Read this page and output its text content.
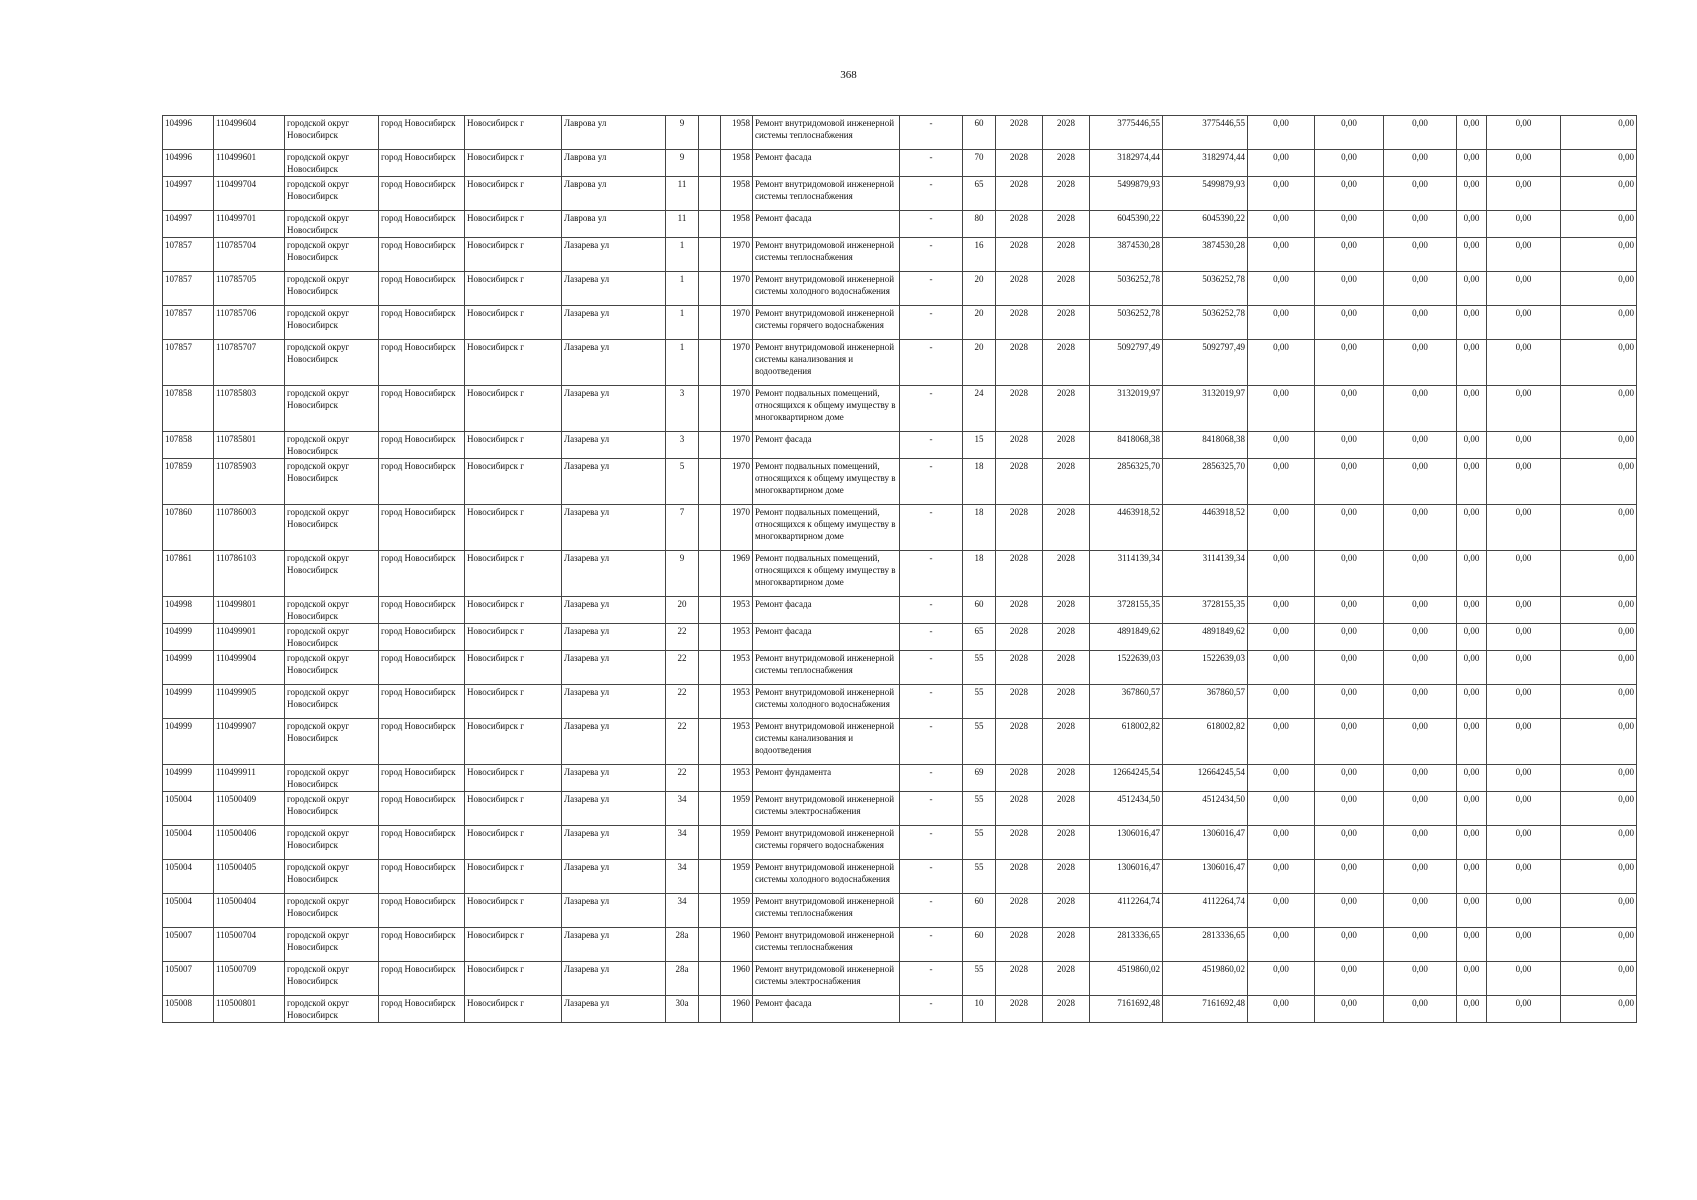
368
104996	110499604	городской округ Новосибирск	город Новосибирск	Новосибирск г	Лаврова ул	9		1958	Ремонт внутридомовой инженерной системы теплоснабжения	-	60	2028	2028	3775446,55	3775446,55	0,00	0,00	0,00	0,00	0,00	0,00
104996	110499601	городской округ Новосибирск	город Новосибирск	Новосибирск г	Лаврова ул	9		1958	Ремонт фасада	-	70	2028	2028	3182974,44	3182974,44	0,00	0,00	0,00	0,00	0,00	0,00
104997	110499704	городской округ Новосибирск	город Новосибирск	Новосибирск г	Лаврова ул	11		1958	Ремонт внутридомовой инженерной системы теплоснабжения	-	65	2028	2028	5499879,93	5499879,93	0,00	0,00	0,00	0,00	0,00	0,00
104997	110499701	городской округ Новосибирск	город Новосибирск	Новосибирск г	Лаврова ул	11		1958	Ремонт фасада	-	80	2028	2028	6045390,22	6045390,22	0,00	0,00	0,00	0,00	0,00	0,00
107857	110785704	городской округ Новосибирск	город Новосибирск	Новосибирск г	Лазарева ул	1		1970	Ремонт внутридомовой инженерной системы теплоснабжения	-	16	2028	2028	3874530,28	3874530,28	0,00	0,00	0,00	0,00	0,00	0,00
107857	110785705	городской округ Новосибирск	город Новосибирск	Новосибирск г	Лазарева ул	1		1970	Ремонт внутридомовой инженерной системы холодного водоснабжения	-	20	2028	2028	5036252,78	5036252,78	0,00	0,00	0,00	0,00	0,00	0,00
107857	110785706	городской округ Новосибирск	город Новосибирск	Новосибирск г	Лазарева ул	1		1970	Ремонт внутридомовой инженерной системы горячего водоснабжения	-	20	2028	2028	5036252,78	5036252,78	0,00	0,00	0,00	0,00	0,00	0,00
107857	110785707	городской округ Новосибирск	город Новосибирск	Новосибирск г	Лазарева ул	1		1970	Ремонт внутридомовой инженерной системы канализования и водоотведения	-	20	2028	2028	5092797,49	5092797,49	0,00	0,00	0,00	0,00	0,00	0,00
107858	110785803	городской округ Новосибирск	город Новосибирск	Новосибирск г	Лазарева ул	3		1970	Ремонт подвальных помещений, относящихся к общему имуществу в многоквартирном доме	-	24	2028	2028	3132019,97	3132019,97	0,00	0,00	0,00	0,00	0,00	0,00
107858	110785801	городской округ Новосибирск	город Новосибирск	Новосибирск г	Лазарева ул	3		1970	Ремонт фасада	-	15	2028	2028	8418068,38	8418068,38	0,00	0,00	0,00	0,00	0,00	0,00
107859	110785903	городской округ Новосибирск	город Новосибирск	Новосибирск г	Лазарева ул	5		1970	Ремонт подвальных помещений, относящихся к общему имуществу в многоквартирном доме	-	18	2028	2028	2856325,70	2856325,70	0,00	0,00	0,00	0,00	0,00	0,00
107860	110786003	городской округ Новосибирск	город Новосибирск	Новосибирск г	Лазарева ул	7		1970	Ремонт подвальных помещений, относящихся к общему имуществу в многоквартирном доме	-	18	2028	2028	4463918,52	4463918,52	0,00	0,00	0,00	0,00	0,00	0,00
107861	110786103	городской округ Новосибирск	город Новосибирск	Новосибирск г	Лазарева ул	9		1969	Ремонт подвальных помещений, относящихся к общему имуществу в многоквартирном доме	-	18	2028	2028	3114139,34	3114139,34	0,00	0,00	0,00	0,00	0,00	0,00
104998	110499801	городской округ Новосибирск	город Новосибирск	Новосибирск г	Лазарева ул	20		1953	Ремонт фасада	-	60	2028	2028	3728155,35	3728155,35	0,00	0,00	0,00	0,00	0,00	0,00
104999	110499901	городской округ Новосибирск	город Новосибирск	Новосибирск г	Лазарева ул	22		1953	Ремонт фасада	-	65	2028	2028	4891849,62	4891849,62	0,00	0,00	0,00	0,00	0,00	0,00
104999	110499904	городской округ Новосибирск	город Новосибирск	Новосибирск г	Лазарева ул	22		1953	Ремонт внутридомовой инженерной системы теплоснабжения	-	55	2028	2028	1522639,03	1522639,03	0,00	0,00	0,00	0,00	0,00	0,00
104999	110499905	городской округ Новосибирск	город Новосибирск	Новосибирск г	Лазарева ул	22		1953	Ремонт внутридомовой инженерной системы холодного водоснабжения	-	55	2028	2028	367860,57	367860,57	0,00	0,00	0,00	0,00	0,00	0,00
104999	110499907	городской округ Новосибирск	город Новосибирск	Новосибирск г	Лазарева ул	22		1953	Ремонт внутридомовой инженерной системы канализования и водоотведения	-	55	2028	2028	618002,82	618002,82	0,00	0,00	0,00	0,00	0,00	0,00
104999	110499911	городской округ Новосибирск	город Новосибирск	Новосибирск г	Лазарева ул	22		1953	Ремонт фундамента	-	69	2028	2028	12664245,54	12664245,54	0,00	0,00	0,00	0,00	0,00	0,00
105004	110500409	городской округ Новосибирск	город Новосибирск	Новосибирск г	Лазарева ул	34		1959	Ремонт внутридомовой инженерной системы электроснабжения	-	55	2028	2028	4512434,50	4512434,50	0,00	0,00	0,00	0,00	0,00	0,00
105004	110500406	городской округ Новосибирск	город Новосибирск	Новосибирск г	Лазарева ул	34		1959	Ремонт внутридомовой инженерной системы горячего водоснабжения	-	55	2028	2028	1306016,47	1306016,47	0,00	0,00	0,00	0,00	0,00	0,00
105004	110500405	городской округ Новосибирск	город Новосибирск	Новосибирск г	Лазарева ул	34		1959	Ремонт внутридомовой инженерной системы холодного водоснабжения	-	55	2028	2028	1306016,47	1306016,47	0,00	0,00	0,00	0,00	0,00	0,00
105004	110500404	городской округ Новосибирск	город Новосибирск	Новосибирск г	Лазарева ул	34		1959	Ремонт внутридомовой инженерной системы теплоснабжения	-	60	2028	2028	4112264,74	4112264,74	0,00	0,00	0,00	0,00	0,00	0,00
105007	110500704	городской округ Новосибирск	город Новосибирск	Новосибирск г	Лазарева ул	28а		1960	Ремонт внутридомовой инженерной системы теплоснабжения	-	60	2028	2028	2813336,65	2813336,65	0,00	0,00	0,00	0,00	0,00	0,00
105007	110500709	городской округ Новосибирск	город Новосибирск	Новосибирск г	Лазарева ул	28а		1960	Ремонт внутридомовой инженерной системы электроснабжения	-	55	2028	2028	4519860,02	4519860,02	0,00	0,00	0,00	0,00	0,00	0,00
105008	110500801	городской округ Новосибирск	город Новосибирск	Новосибирск г	Лазарева ул	30а		1960	Ремонт фасада	-	10	2028	2028	7161692,48	7161692,48	0,00	0,00	0,00	0,00	0,00	0,00
